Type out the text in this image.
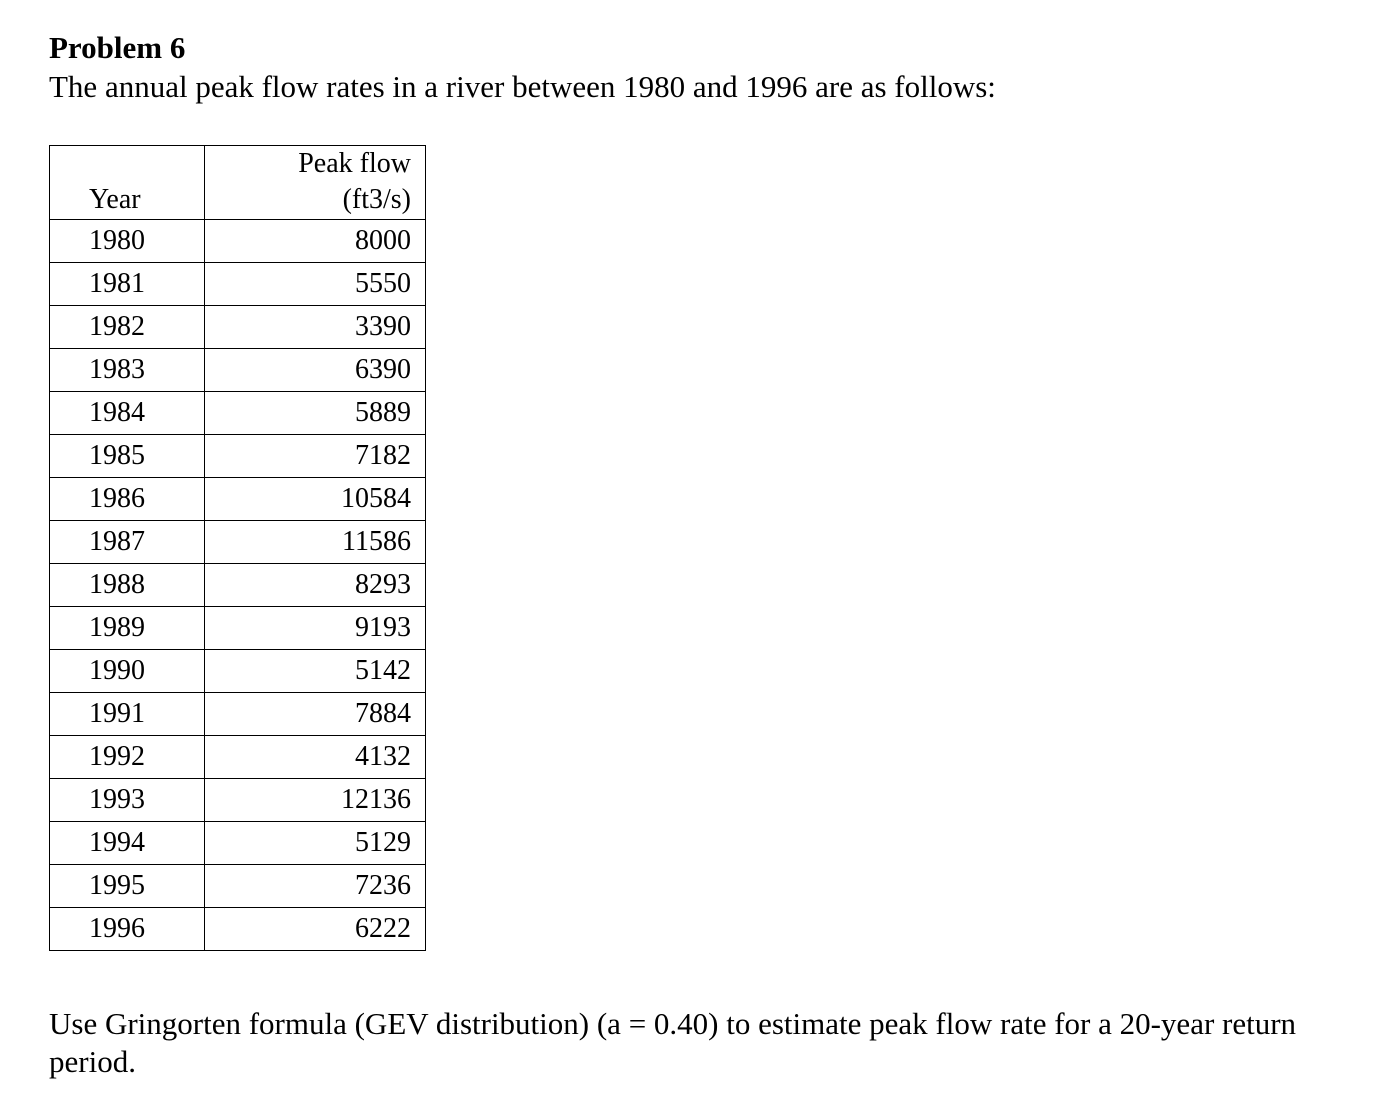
Problem 6

The annual peak flow rates in a river between 1980 and 1996 are as follows:

Year	Peak flow
(ft3/s)

1980	8000
1981	5550
1982	3390
1983	6390
1984	5889
1985	7182
1986	10584
1987	11586
1988	8293
1989	9193
1990	5142
1991	7884
1992	4132
1993	12136
1994	5129
1995	7236
1996	6222

Use Gringorten formula (GEV distribution) (a = 0.40) to estimate peak flow rate for a 20-year return period.
